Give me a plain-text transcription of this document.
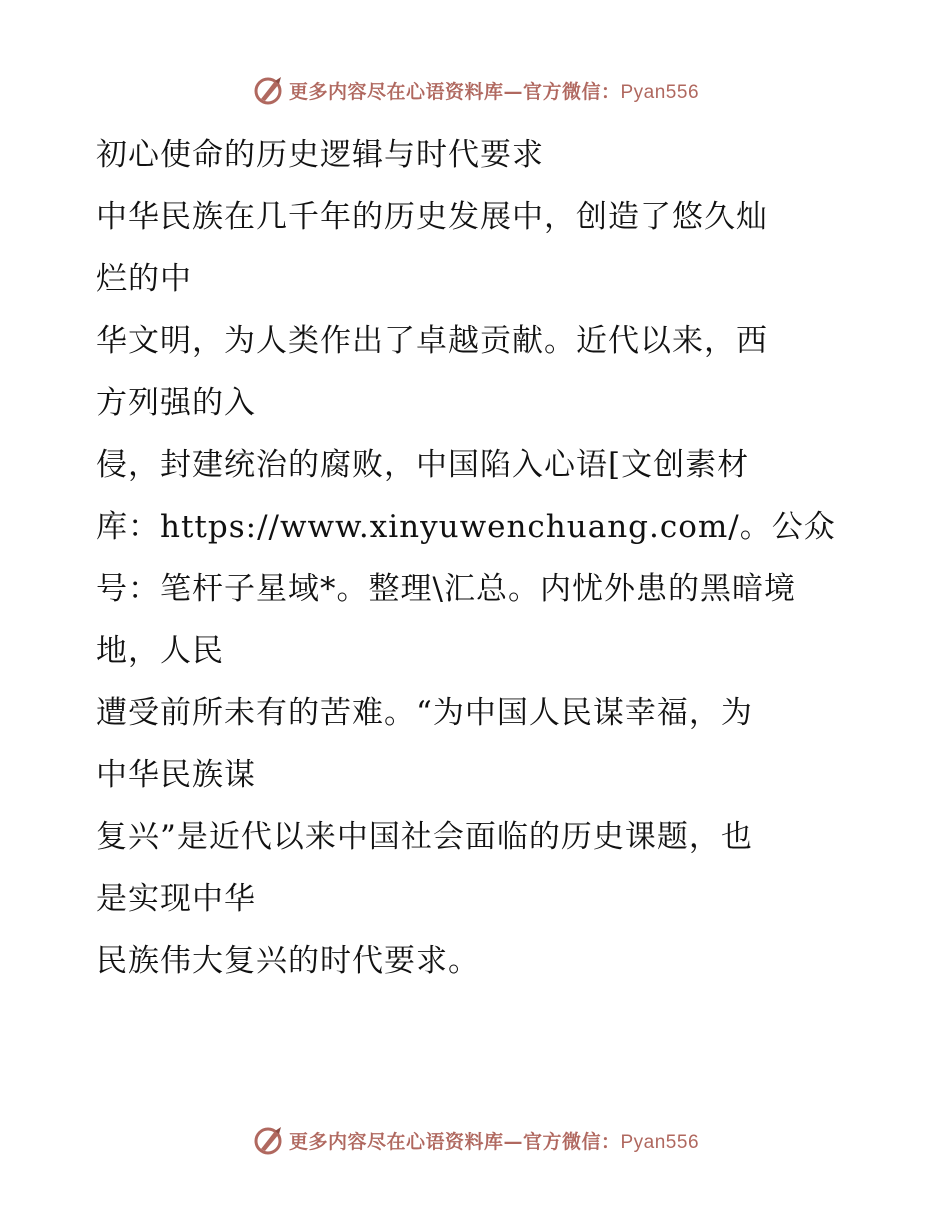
更多内容尽在心语资料库—官方微信：Pyan556

初心使命的历史逻辑与时代要求

中华民族在几千年的历史发展中，创造了悠久灿

烂的中

华文明，为人类作出了卓越贡献。近代以来，西

方列强的入

侵，封建统治的腐败，中国陷入心语[文创素材

库：https://www.xinyuwenchuang.com/。公众

号：笔杆子星域*。整理\汇总。内忧外患的黑暗境

地，人民

遭受前所未有的苦难。“为中国人民谋幸福，为

中华民族谋

复兴”是近代以来中国社会面临的历史课题，也

是实现中华

民族伟大复兴的时代要求。

更多内容尽在心语资料库—官方微信：Pyan556
